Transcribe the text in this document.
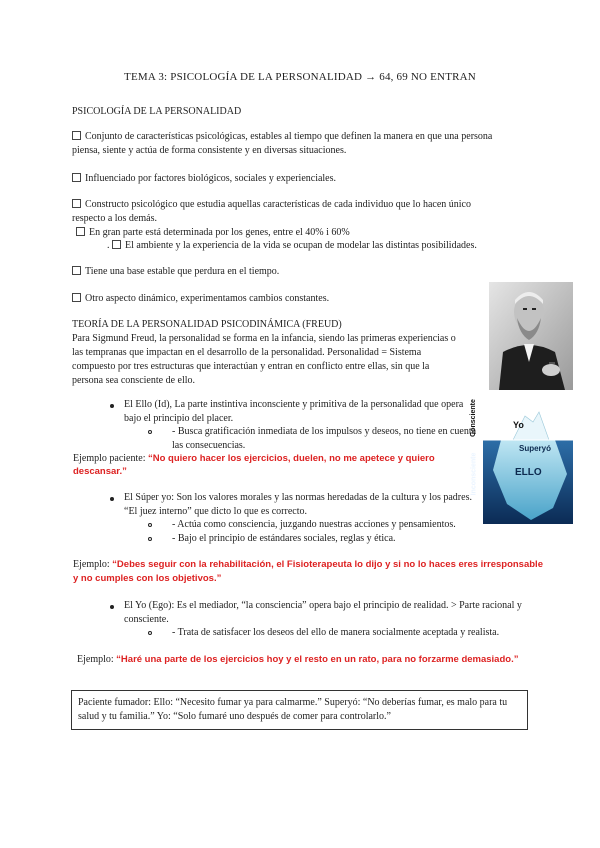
TEMA 3: PSICOLOGÍA DE LA PERSONALIDAD → 64, 69 NO ENTRAN
PSICOLOGÍA DE LA PERSONALIDAD
Conjunto de características psicológicas, estables al tiempo que definen la manera en que una persona
piensa, siente y actúa de forma consistente y en diversas situaciones.
Influenciado por factores biológicos, sociales y experienciales.
Constructo psicológico que estudia aquellas características de cada individuo que lo hacen único
respecto a los demás.
En gran parte está determinada por los genes, entre el 40% i 60%
. El ambiente y la experiencia de la vida se ocupan de modelar las distintas posibilidades.
Tiene una base estable que perdura en el tiempo.
Otro aspecto dinámico, experimentamos cambios constantes.
TEORÍA DE LA PERSONALIDAD PSICODINÁMICA (FREUD)
Para Sigmund Freud, la personalidad se forma en la infancia, siendo las primeras experiencias o
las tempranas que impactan en el desarrollo de la personalidad. Personalidad = Sistema
compuesto por tres estructuras que interactúan y entran en conflicto entre ellas, sin que la
persona sea consciente de ello.
El Ello (Id), La parte instintiva inconsciente y primitiva de la personalidad que opera
bajo el principio del placer.
- Busca gratificación inmediata de los impulsos y deseos, no tiene en cuenta
las consecuencias.
Ejemplo paciente: “No quiero hacer los ejercicios, duelen, no me apetece y quiero
descansar.”
Consciente
Inconsciente
Yo
Superyó
ELLO
El Súper yo: Son los valores morales y las normas heredadas de la cultura y los padres.
“El juez interno” que dicto lo que es correcto.
- Actúa como consciencia, juzgando nuestras acciones y pensamientos.
- Bajo el principio de estándares sociales, reglas y ética.
Ejemplo: “Debes seguir con la rehabilitación, el Fisioterapeuta lo dijo y si no lo haces eres irresponsable
y no cumples con los objetivos.”
El Yo (Ego): Es el mediador, “la consciencia” opera bajo el principio de realidad. > Parte racional y
consciente.
- Trata de satisfacer los deseos del ello de manera socialmente aceptada y realista.
Ejemplo: “Haré una parte de los ejercicios hoy y el resto en un rato, para no forzarme demasiado.”
Paciente fumador: Ello: “Necesito fumar ya para calmarme.” Superyó: “No deberías fumar, es malo para tu salud y tu familia.” Yo: “Solo fumaré uno después de comer para controlarlo.”
